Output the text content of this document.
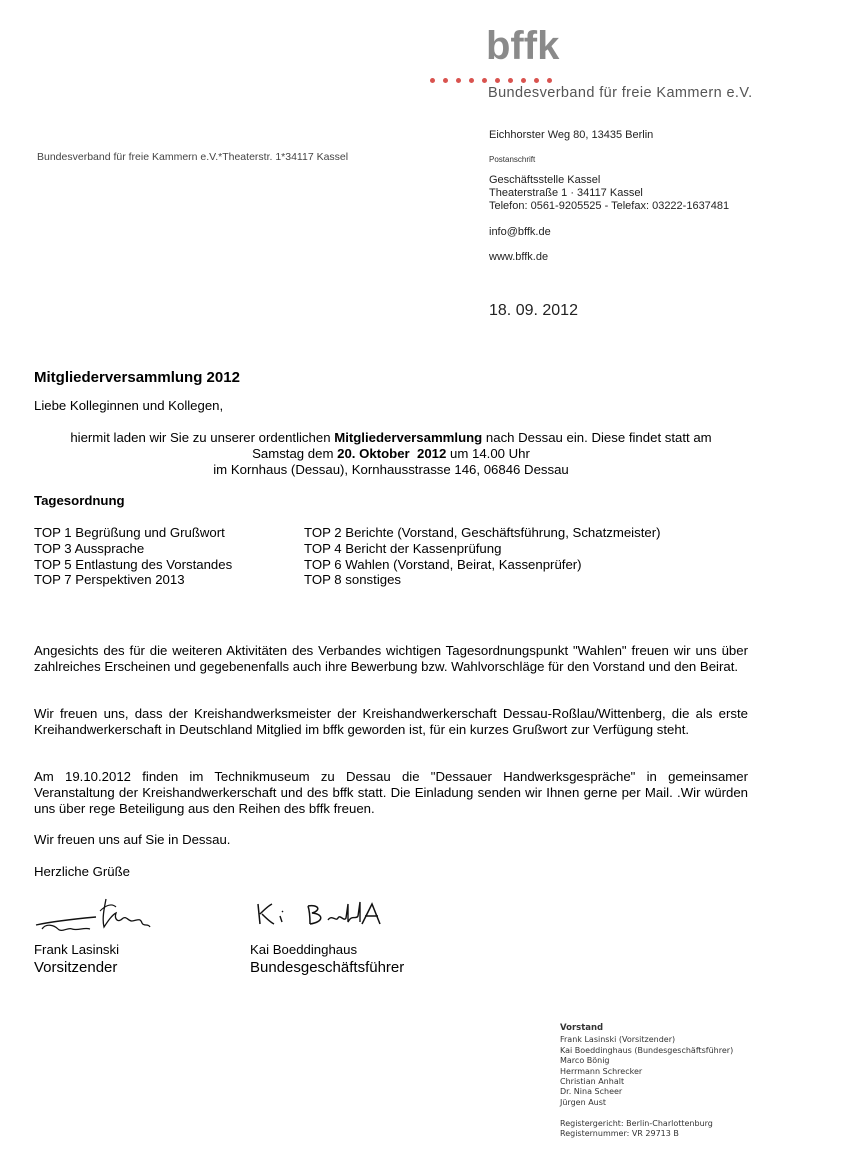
bffk
Bundesverband für freie Kammern e.V.
Bundesverband für freie Kammern e.V.*Theaterstr. 1*34117 Kassel
Eichhorster Weg 80, 13435 Berlin
Postanschrift
Geschäftsstelle Kassel
Theaterstraße 1 · 34117 Kassel
Telefon: 0561-9205525 - Telefax: 03222-1637481
info@bffk.de
www.bffk.de
18. 09. 2012
Mitgliederversammlung 2012
Liebe Kolleginnen und Kollegen,
hiermit laden wir Sie zu unserer ordentlichen Mitgliederversammlung nach Dessau ein. Diese findet statt am
Samstag dem 20. Oktober  2012 um 14.00 Uhr
im Kornhaus (Dessau), Kornhausstrasse 146, 06846 Dessau
Tagesordnung
TOP 1 Begrüßung und Grußwort
TOP 3 Aussprache
TOP 5 Entlastung des Vorstandes
TOP 7 Perspektiven 2013
TOP 2 Berichte (Vorstand, Geschäftsführung, Schatzmeister)
TOP 4 Bericht der Kassenprüfung
TOP 6 Wahlen (Vorstand, Beirat, Kassenprüfer)
TOP 8 sonstiges
Angesichts des für die weiteren Aktivitäten des Verbandes wichtigen Tagesordnungspunkt "Wahlen" freuen wir uns über zahlreiches Erscheinen und gegebenenfalls auch ihre Bewerbung bzw. Wahlvorschläge für den Vorstand und den Beirat.
Wir freuen uns, dass der Kreishandwerksmeister der Kreishandwerkerschaft Dessau-Roßlau/Wittenberg, die als erste Kreihandwerkerschaft in Deutschland Mitglied im bffk geworden ist, für ein kurzes Grußwort zur Verfügung steht.
Am 19.10.2012 finden im Technikmuseum zu Dessau die "Dessauer Handwerksgespräche" in gemeinsamer Veranstaltung der Kreishandwerkerschaft und des bffk statt. Die Einladung senden wir Ihnen gerne per Mail. .Wir würden uns über rege Beteiligung aus den Reihen des bffk freuen.
Wir freuen uns auf Sie in Dessau.
Herzliche Grüße
Frank Lasinski
Vorsitzender
Kai Boeddinghaus
Bundesgeschäftsführer
Vorstand
Frank Lasinski (Vorsitzender)
Kai Boeddinghaus (Bundesgeschäftsführer)
Marco Bönig
Herrmann Schrecker
Christian Anhalt
Dr. Nina Scheer
Jürgen Aust
Registergericht: Berlin-Charlottenburg
Registernummer: VR 29713 B
